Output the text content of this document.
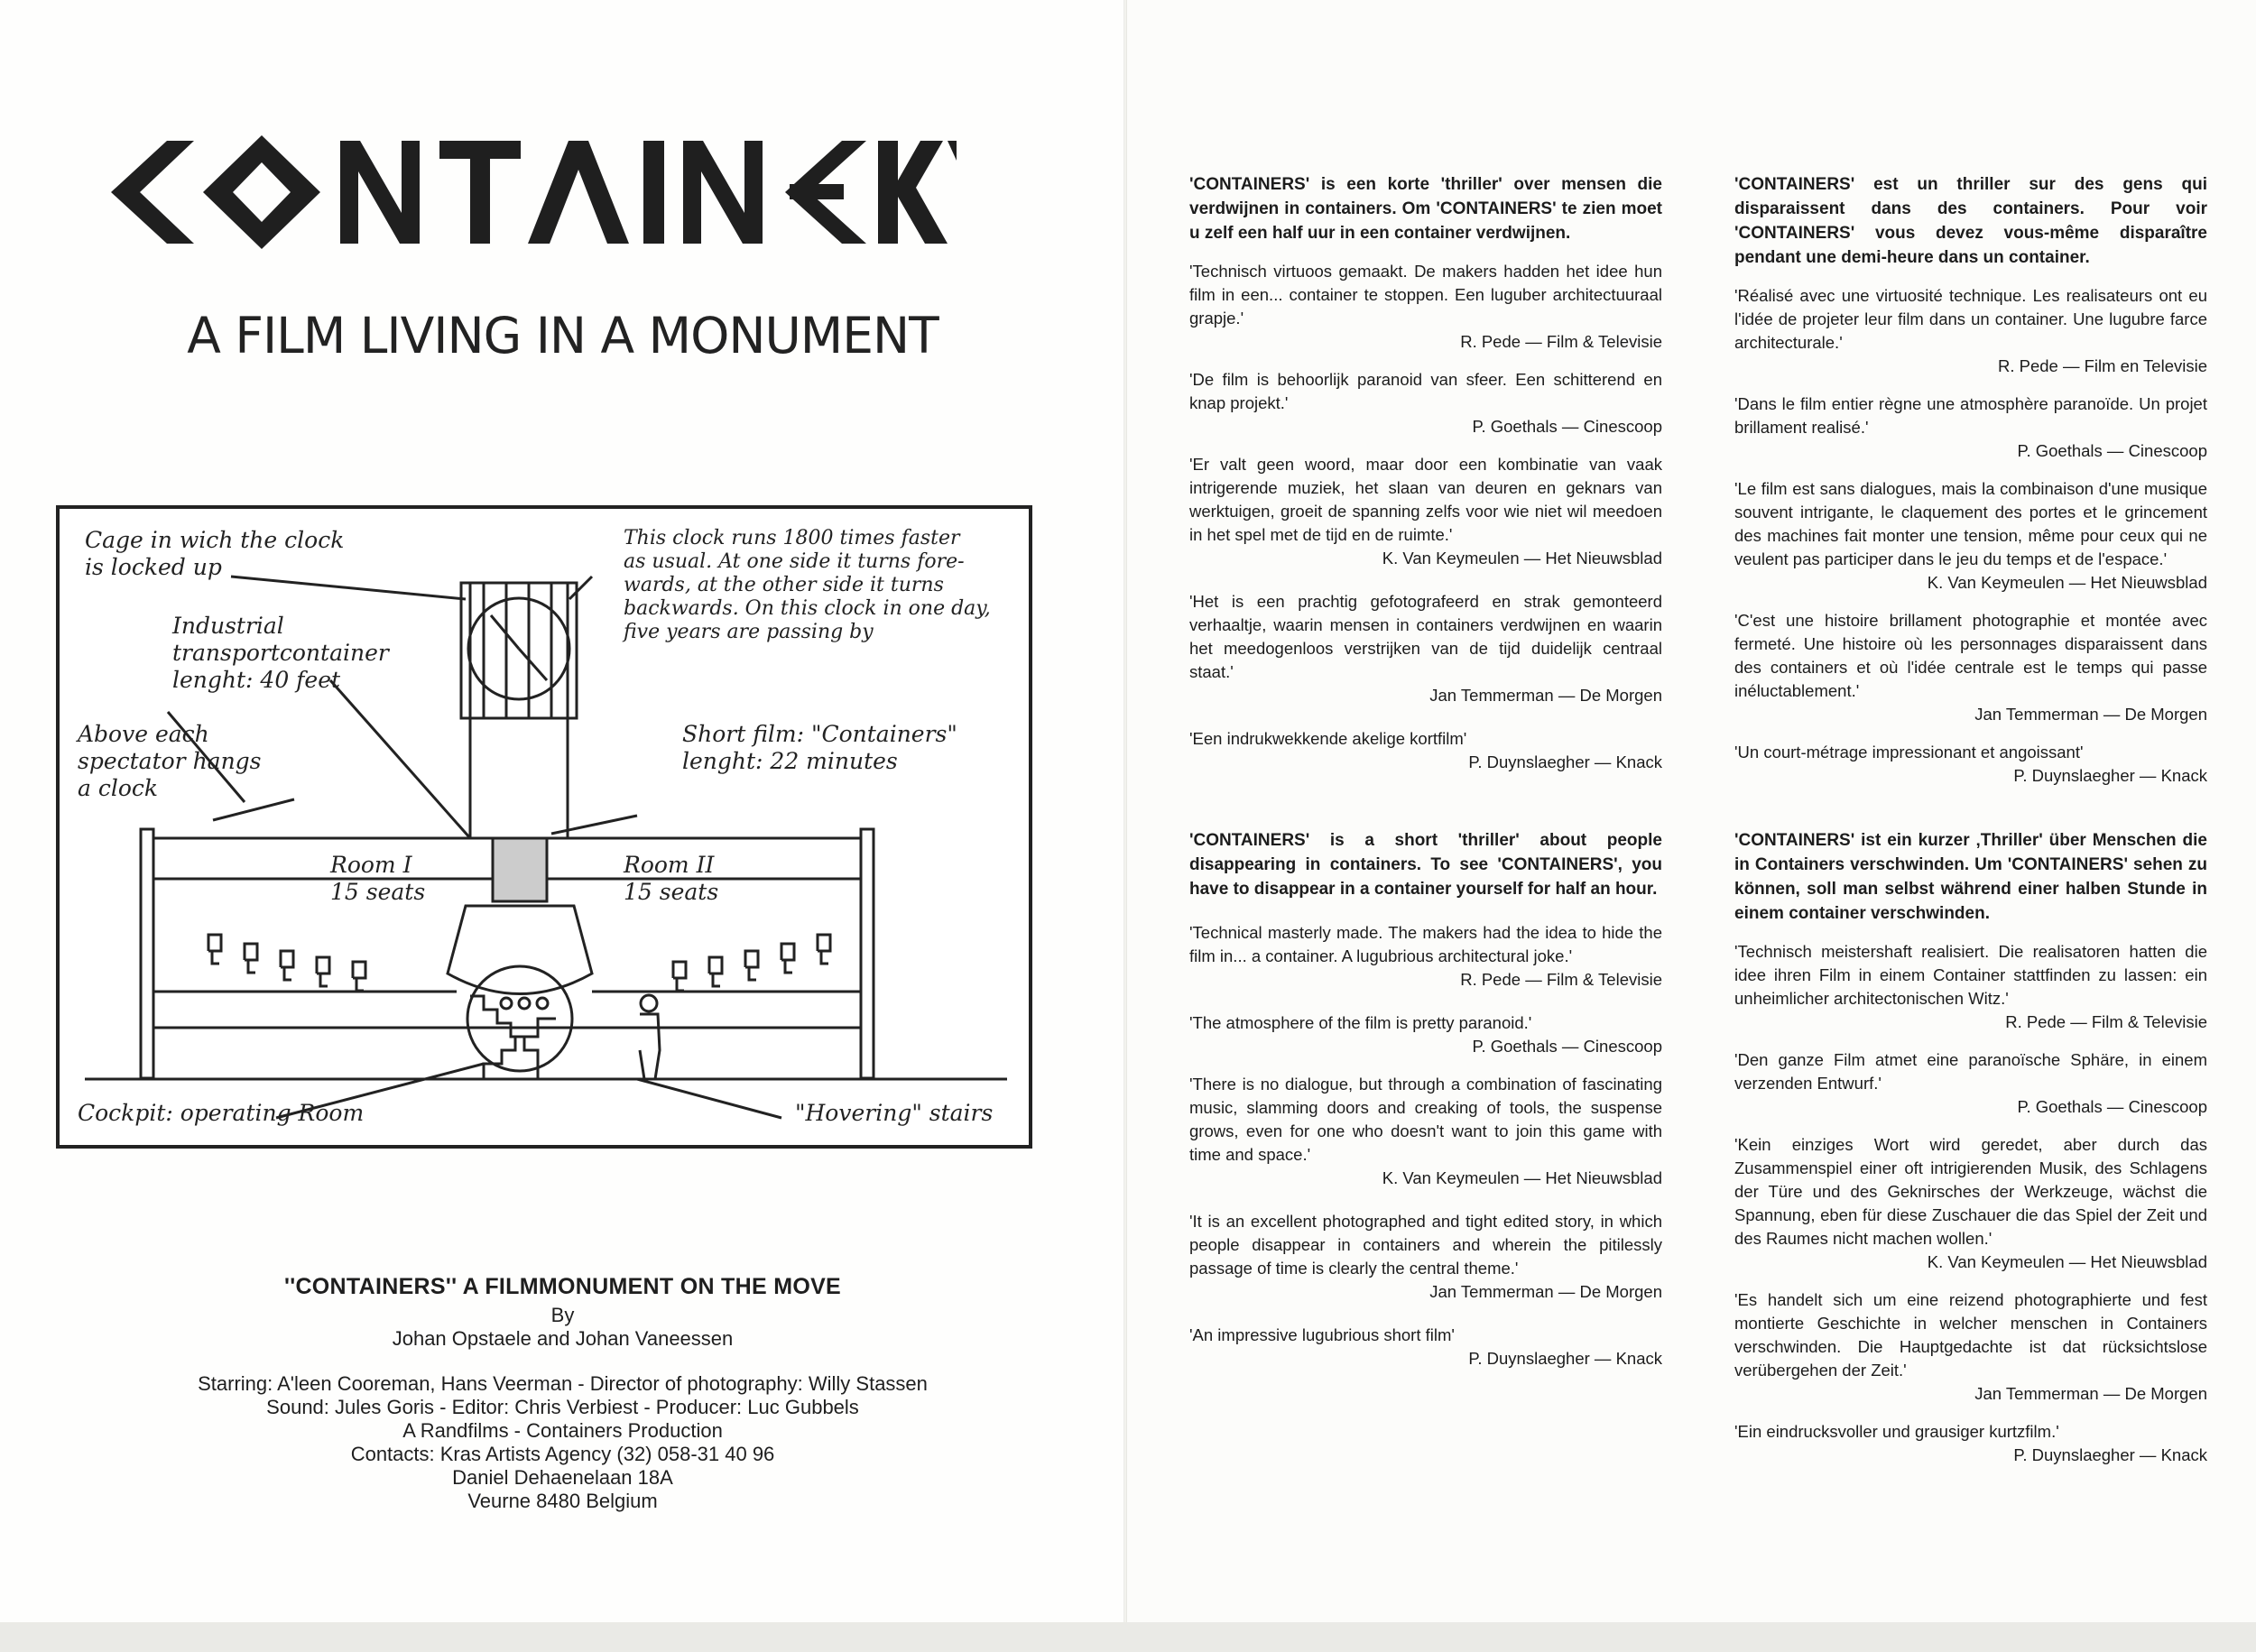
A FILM LIVING IN A MONUMENT
Cage in wich the clock
is locked up
This clock runs 1800 times faster
as usual. At one side it turns fore-
wards, at the other side it turns
backwards. On this clock in one day,
five years are passing by
Industrial
transportcontainer
lenght: 40 feet
Above each
spectator hangs
a clock
Short film: "Containers"
lenght: 22 minutes
Room I
15 seats
Room II
15 seats
Cockpit: operating Room	"Hovering" stairs
''CONTAINERS'' A FILMMONUMENT ON THE MOVE
By
Johan Opstaele and Johan Vaneessen
Starring: A'leen Cooreman, Hans Veerman - Director of photography: Willy Stassen
Sound: Jules Goris - Editor: Chris Verbiest - Producer: Luc Gubbels
A Randfilms - Containers Production
Contacts: Kras Artists Agency (32) 058-31 40 96
Daniel Dehaenelaan 18A
Veurne 8480 Belgium
'CONTAINERS' is een korte 'thriller' over mensen die verdwijnen in containers. Om 'CONTAINERS' te zien moet u zelf een half uur in een container verdwijnen.
'Technisch virtuoos gemaakt. De makers hadden het idee hun film in een... container te stoppen. Een luguber architectuuraal grapje.'
R. Pede — Film & Televisie
'De film is behoorlijk paranoid van sfeer. Een schitterend en knap projekt.'
P. Goethals — Cinescoop
'Er valt geen woord, maar door een kombinatie van vaak intrigerende muziek, het slaan van deuren en geknars van werktuigen, groeit de spanning zelfs voor wie niet wil meedoen in het spel met de tijd en de ruimte.'
K. Van Keymeulen — Het Nieuwsblad
'Het is een prachtig gefotografeerd en strak gemonteerd verhaaltje, waarin mensen in containers verdwijnen en waarin het meedogenloos verstrijken van de tijd duidelijk centraal staat.'
Jan Temmerman — De Morgen
'Een indrukwekkende akelige kortfilm'
P. Duynslaegher — Knack
'CONTAINERS' est un thriller sur des gens qui disparaissent dans des containers. Pour voir 'CONTAINERS' vous devez vous-même disparaître pendant une demi-heure dans un container.
'Réalisé avec une virtuosité technique. Les realisateurs ont eu l'idée de projeter leur film dans un container. Une lugubre farce architecturale.'
R. Pede — Film en Televisie
'Dans le film entier règne une atmosphère paranoïde. Un projet brillament realisé.'
P. Goethals — Cinescoop
'Le film est sans dialogues, mais la combinaison d'une musique souvent intrigante, le claquement des portes et le grincement des machines fait monter une tension, même pour ceux qui ne veulent pas participer dans le jeu du temps et de l'espace.'
K. Van Keymeulen — Het Nieuwsblad
'C'est une histoire brillament photographie et montée avec fermeté. Une histoire où les personnages disparaissent dans des containers et où l'idée centrale est le temps qui passe inéluctablement.'
Jan Temmerman — De Morgen
'Un court-métrage impressionant et angoissant'
P. Duynslaegher — Knack
'CONTAINERS' is a short 'thriller' about people disappearing in containers. To see 'CONTAINERS', you have to disappear in a container yourself for half an hour.
'Technical masterly made. The makers had the idea to hide the film in... a container. A lugubrious architectural joke.'
R. Pede — Film & Televisie
'The atmosphere of the film is pretty paranoid.'
P. Goethals — Cinescoop
'There is no dialogue, but through a combination of fascinating music, slamming doors and creaking of tools, the suspense grows, even for one who doesn't want to join this game with time and space.'
K. Van Keymeulen — Het Nieuwsblad
'It is an excellent photographed and tight edited story, in which people disappear in containers and wherein the pitilessly passage of time is clearly the central theme.'
Jan Temmerman — De Morgen
'An impressive lugubrious short film'
P. Duynslaegher — Knack
'CONTAINERS' ist ein kurzer ‚Thriller' über Menschen die in Containers verschwinden. Um 'CONTAINERS' sehen zu können, soll man selbst während einer halben Stunde in einem container verschwinden.
'Technisch meistershaft realisiert. Die realisatoren hatten die idee ihren Film in einem Container stattfinden zu lassen: ein unheimlicher architectonischen Witz.'
R. Pede — Film & Televisie
'Den ganze Film atmet eine paranoïsche Sphäre, in einem verzenden Entwurf.'
P. Goethals — Cinescoop
'Kein einziges Wort wird geredet, aber durch das Zusammenspiel einer oft intrigierenden Musik, des Schlagens der Türe und des Geknirsches der Werkzeuge, wächst die Spannung, eben für diese Zuschauer die das Spiel der Zeit und des Raumes nicht machen wollen.'
K. Van Keymeulen — Het Nieuwsblad
'Es handelt sich um eine reizend photographierte und fest montierte Geschichte in welcher menschen in Containers verschwinden. Die Hauptgedachte ist dat rücksichtslose verübergehen der Zeit.'
Jan Temmerman — De Morgen
'Ein eindrucksvoller und grausiger kurtzfilm.'
P. Duynslaegher — Knack
